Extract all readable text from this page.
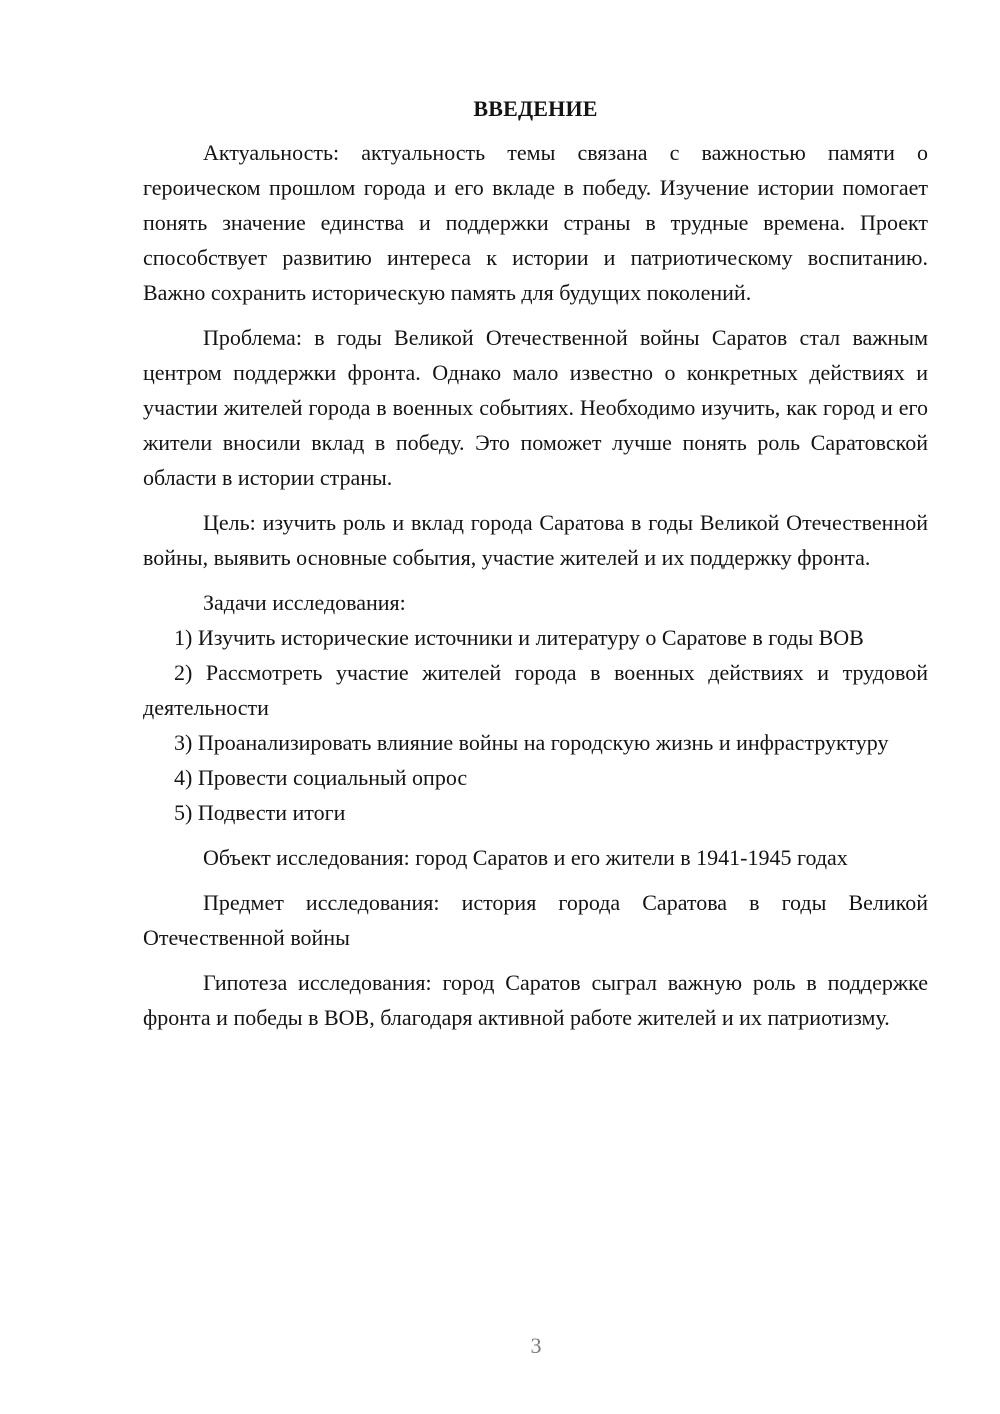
ВВЕДЕНИЕ

Актуальность: актуальность темы связана с важностью памяти о героическом прошлом города и его вкладе в победу. Изучение истории помогает понять значение единства и поддержки страны в трудные времена. Проект способствует развитию интереса к истории и патриотическому воспитанию. Важно сохранить историческую память для будущих поколений.

Проблема: в годы Великой Отечественной войны Саратов стал важным центром поддержки фронта. Однако мало известно о конкретных действиях и участии жителей города в военных событиях. Необходимо изучить, как город и его жители вносили вклад в победу. Это поможет лучше понять роль Саратовской области в истории страны.

Цель: изучить роль и вклад города Саратова в годы Великой Отечественной войны, выявить основные события, участие жителей и их поддержку фронта.

Задачи исследования:

1) Изучить исторические источники и литературу о Саратове в годы ВОВ

2) Рассмотреть участие жителей города в военных действиях и трудовой деятельности

3) Проанализировать влияние войны на городскую жизнь и инфраструктуру

4) Провести социальный опрос

5) Подвести итоги

Объект исследования: город Саратов и его жители в 1941-1945 годах

Предмет исследования: история города Саратова в годы Великой Отечественной войны

Гипотеза исследования: город Саратов сыграл важную роль в поддержке фронта и победы в ВОВ, благодаря активной работе жителей и их патриотизму.

3
